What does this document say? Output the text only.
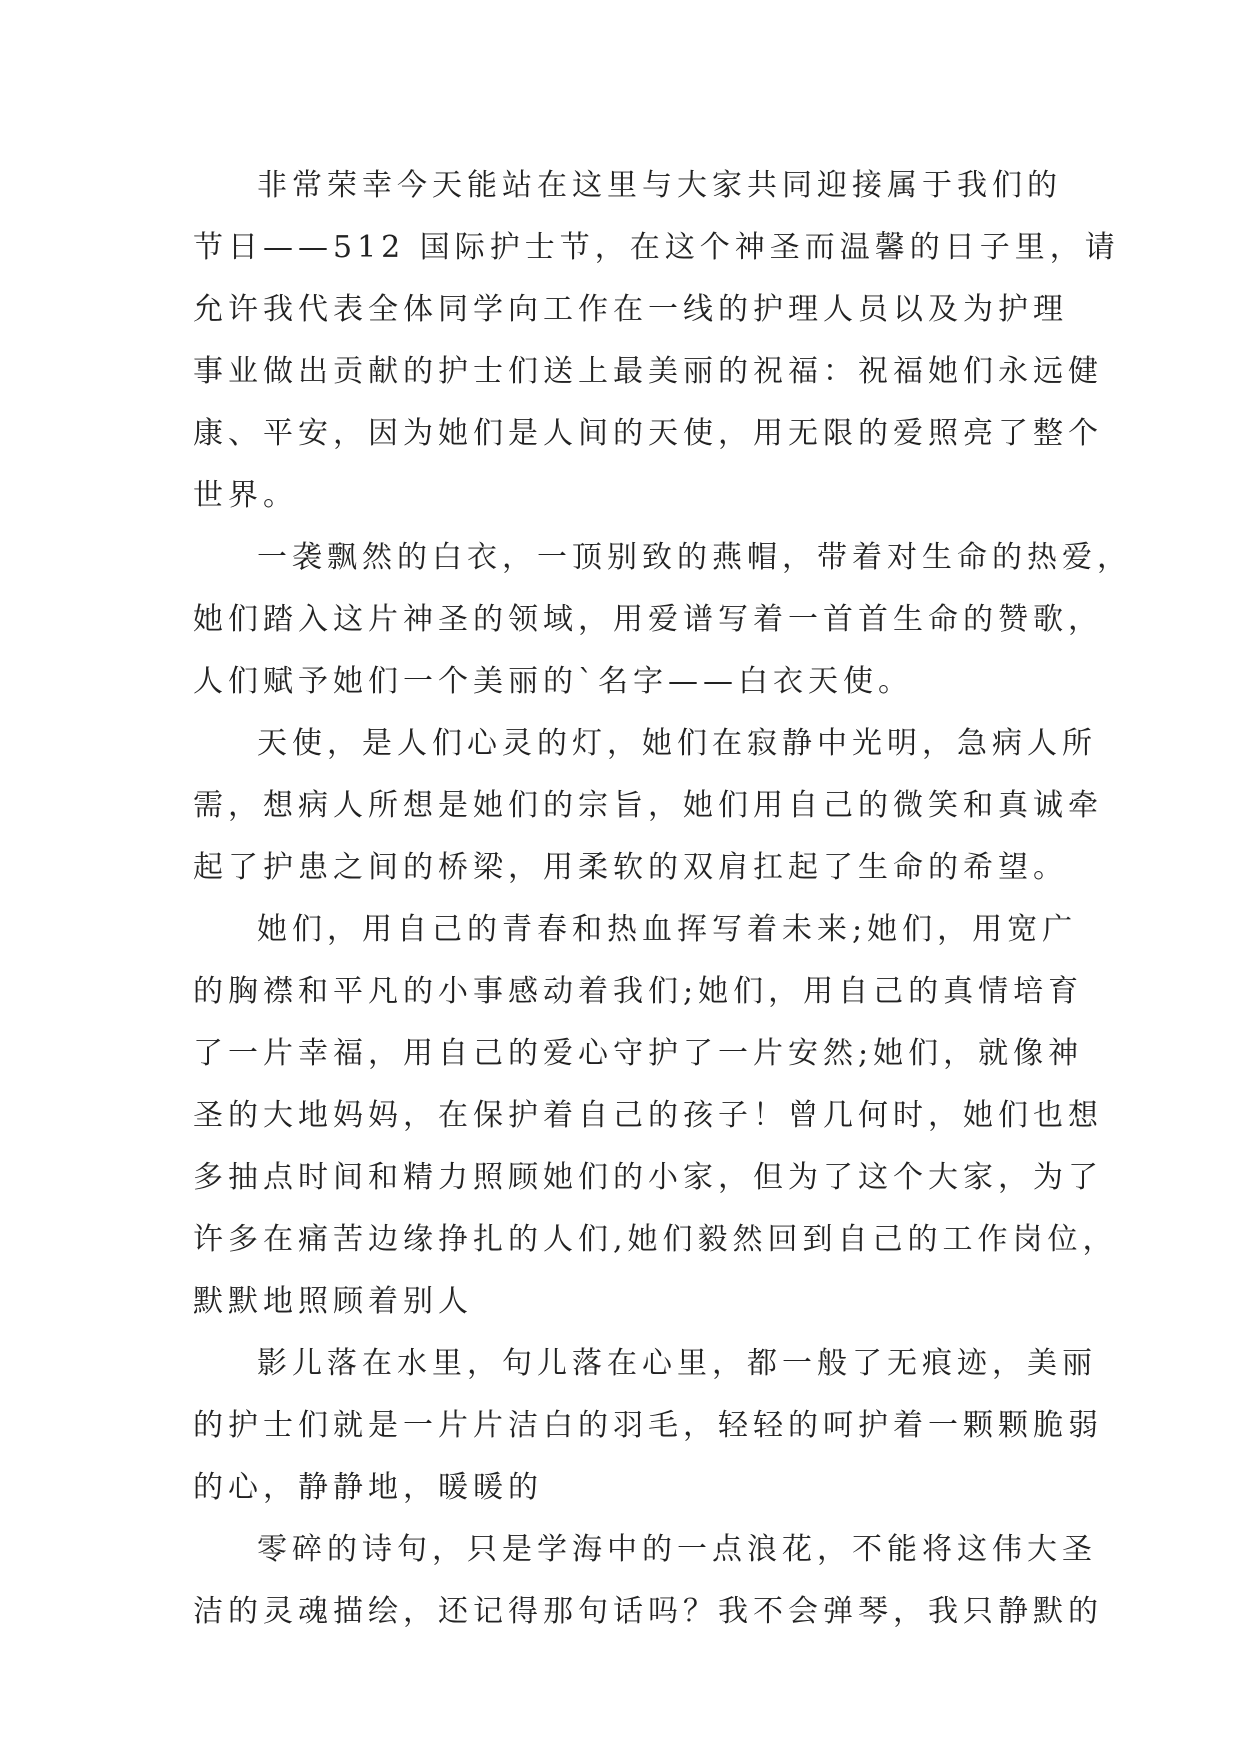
非常荣幸今天能站在这里与大家共同迎接属于我们的

节日——512 国际护士节，在这个神圣而温馨的日子里，请

允许我代表全体同学向工作在一线的护理人员以及为护理

事业做出贡献的护士们送上最美丽的祝福：祝福她们永远健

康、平安，因为她们是人间的天使，用无限的爱照亮了整个

世界。

一袭飘然的白衣，一顶别致的燕帽，带着对生命的热爱，

她们踏入这片神圣的领域，用爱谱写着一首首生命的赞歌，

人们赋予她们一个美丽的`名字——白衣天使。

天使，是人们心灵的灯，她们在寂静中光明，急病人所

需，想病人所想是她们的宗旨，她们用自己的微笑和真诚牵

起了护患之间的桥梁，用柔软的双肩扛起了生命的希望。

她们，用自己的青春和热血挥写着未来;她们，用宽广

的胸襟和平凡的小事感动着我们;她们，用自己的真情培育

了一片幸福，用自己的爱心守护了一片安然;她们，就像神

圣的大地妈妈，在保护着自己的孩子！曾几何时，她们也想

多抽点时间和精力照顾她们的小家，但为了这个大家，为了

许多在痛苦边缘挣扎的人们,她们毅然回到自己的工作岗位，

默默地照顾着别人

影儿落在水里，句儿落在心里，都一般了无痕迹，美丽

的护士们就是一片片洁白的羽毛，轻轻的呵护着一颗颗脆弱

的心，静静地，暖暖的

零碎的诗句，只是学海中的一点浪花，不能将这伟大圣

洁的灵魂描绘，还记得那句话吗？我不会弹琴，我只静默的
